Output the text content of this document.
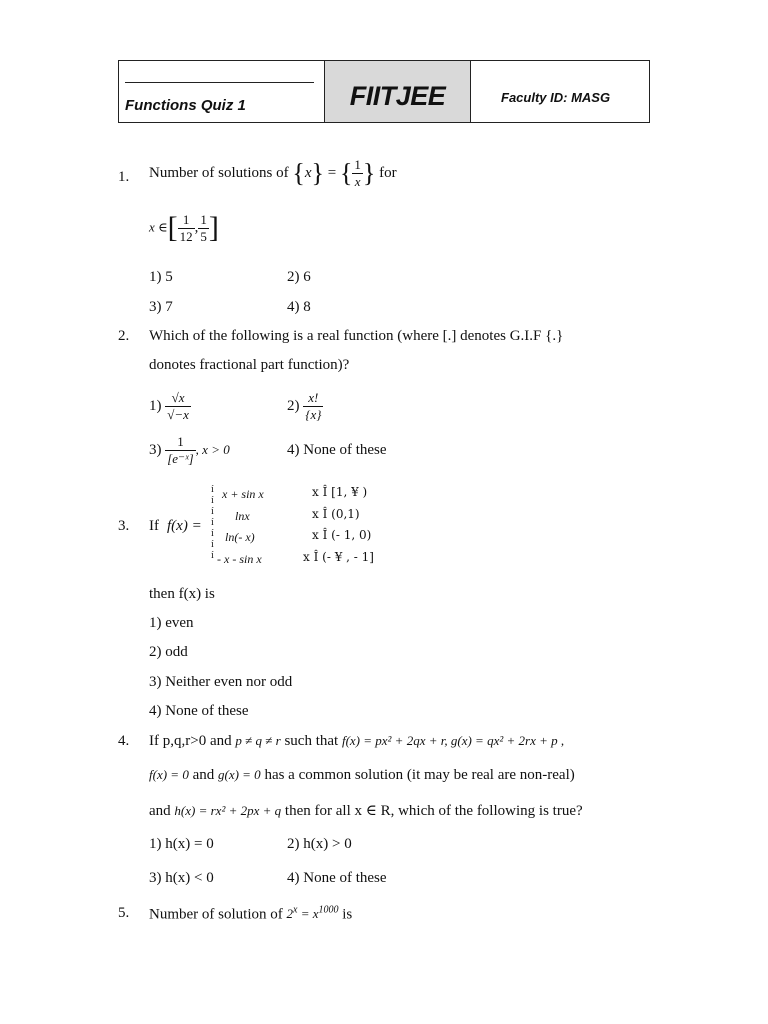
Functions Quiz 1	FIITJEE	Faculty ID: MASG
1. Number of solutions of {x} = { $\frac{1}{x}$ } for
x ∈[ $\frac{1}{12}$ , $\frac{1}{5}$ ]
1) 5	2) 6
3) 7	4) 8
2. Which of the following is a real function (where [.] denotes G.I.F {.}
donotes fractional part function)?
$1) \frac{√x}{√-x}$	$2) \frac{x!}{\{x\}}$
$3) \frac{1}{\text{[e⁻ˣ]}}$ , x > 0	4) None of these
3. If f(x) =
í
í
í
í
í
í
í
x + sin x	x Î [1, ¥ )
lnx	x Î (0,1)
ln(- x)	x Î (- 1, 0)
- x - sin x	x Î (- ¥ , - 1]
then f(x) is
1) even
2) odd
3) Neither even nor odd
4) None of these
4. If p,q,r>0 and p ≠ q ≠ r such that f(x) = px² + 2qx + r, g(x) = qx² + 2rx + p ,
f(x) = 0 and g(x) = 0 has a common solution (it may be real are non-real)
and h(x) = rx² + 2px + q then for all x ∈ R, which of the following is true?
1) h(x) = 0	2) h(x) > 0
3) h(x) < 0	4) None of these
5. Number of solution of $2^x = x^{1000}$ is
